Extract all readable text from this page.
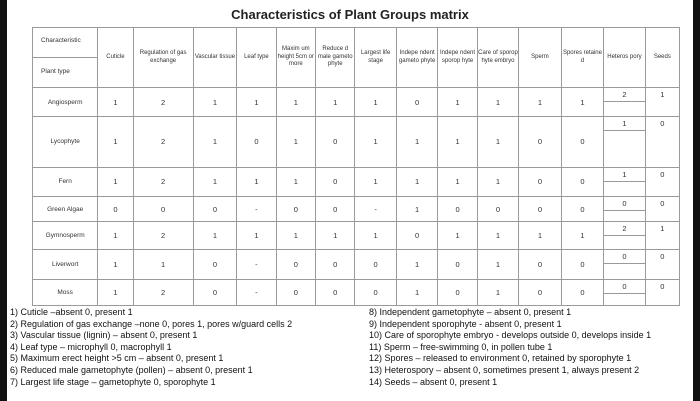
Characteristics of Plant Groups matrix
Characteristic
Plant type	Cuticle	Regulation of gas exchange	Vascular tissue	Leaf type	Maxim um height 5cm or more	Reduce d male gameto phyte	Largest life stage	Indepe ndent gameto phyte	Indepe ndent sporop hyte	Care of sporop hyte embryo	Sperm	Spores retaine d	Heteros pory	Seeds
Angiosperm	1	2	1	1	1	1	1	0	1	1	1	1	2	1
Lycophyte	1	2	1	0	1	0	1	1	1	1	0	0	1	0
Fern	1	2	1	1	1	0	1	1	1	1	0	0	1	0
Green Algae	0	0	0	-	0	0	-	1	0	0	0	0	0	0
Gymnosperm	1	2	1	1	1	1	1	0	1	1	1	1	2	1
Liverwort	1	1	0	-	0	0	0	1	0	1	0	0	0	0
Moss	1	2	0	-	0	0	0	1	0	1	0	0	0	0
1) Cuticle –absent 0, present 1
2) Regulation of gas exchange –none 0, pores 1, pores w/guard cells 2
3) Vascular tissue (lignin) – absent 0, present 1
4) Leaf type – microphyll 0, macrophyll 1
5) Maximum erect height >5 cm – absent 0, present 1
6) Reduced male gametophyte (pollen) – absent 0, present 1
7) Largest life stage – gametophyte 0, sporophyte 1
8) Independent gametophyte – absent 0, present 1
9) Independent sporophyte - absent 0, present 1
10) Care of sporophyte embryo - develops outside 0, develops inside 1
11) Sperm – free-swimming 0, in pollen tube 1
12) Spores – released to environment 0, retained by sporophyte 1
13) Heterospory – absent 0, sometimes present 1, always present 2
14) Seeds – absent 0, present 1
